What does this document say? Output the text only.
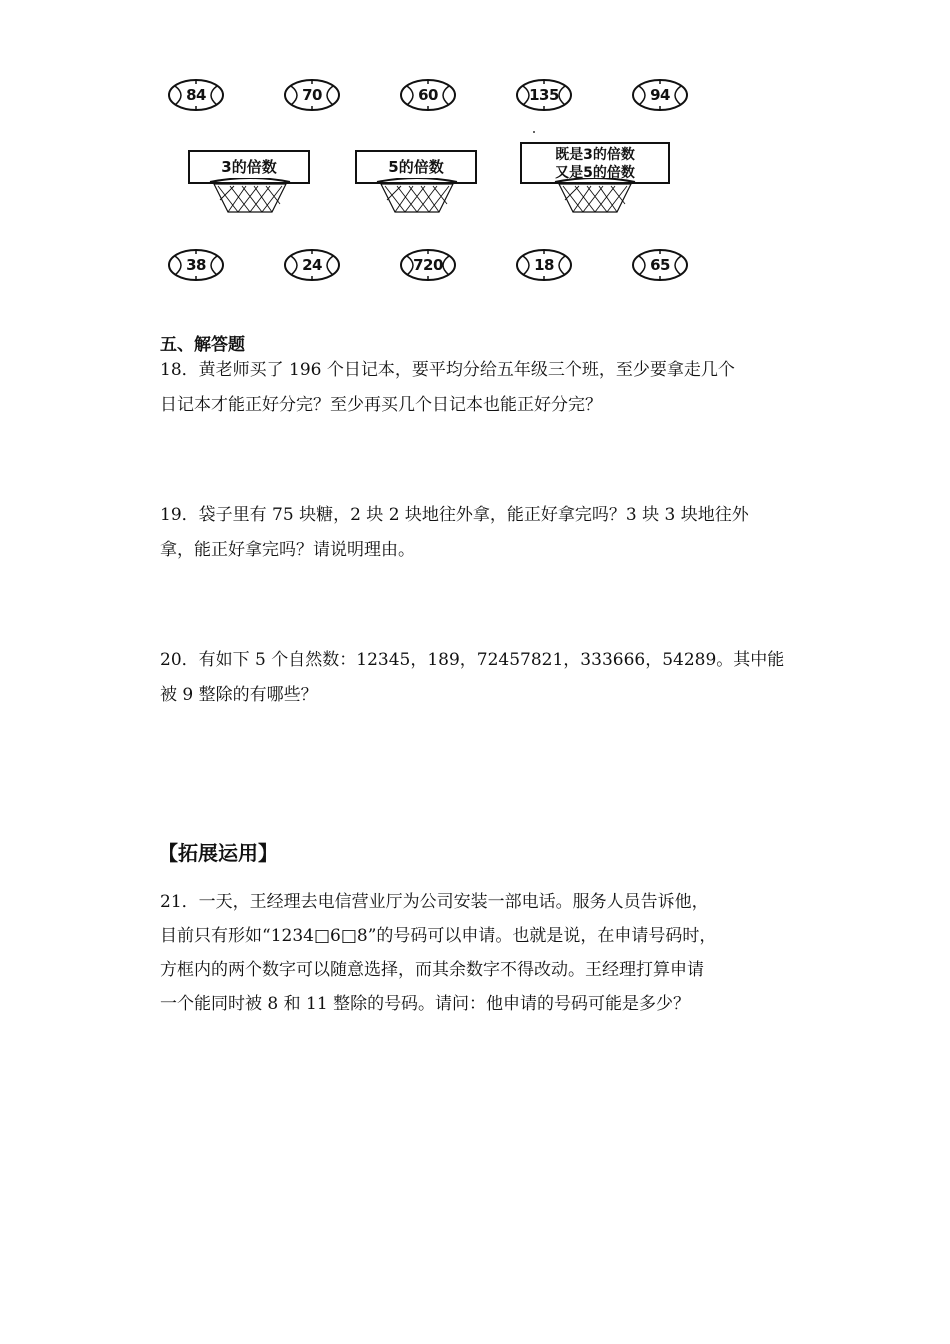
84	70	60	135	94
3的倍数	5的倍数
既是3的倍数
又是5的倍数
38	24	720	18	65
五、解答题
18．黄老师买了 196 个日记本，要平均分给五年级三个班，至少要拿走几个
日记本才能正好分完？至少再买几个日记本也能正好分完？
19．袋子里有 75 块糖，2 块 2 块地往外拿，能正好拿完吗？3 块 3 块地往外
拿，能正好拿完吗？请说明理由。
20．有如下 5 个自然数：12345，189，72457821，333666，54289。其中能
被 9 整除的有哪些？
【拓展运用】
21．一天，王经理去电信营业厅为公司安装一部电话。服务人员告诉他，
目前只有形如“1234□6□8”的号码可以申请。也就是说，在申请号码时，
方框内的两个数字可以随意选择，而其余数字不得改动。王经理打算申请
一个能同时被 8 和 11 整除的号码。请问：他申请的号码可能是多少？
